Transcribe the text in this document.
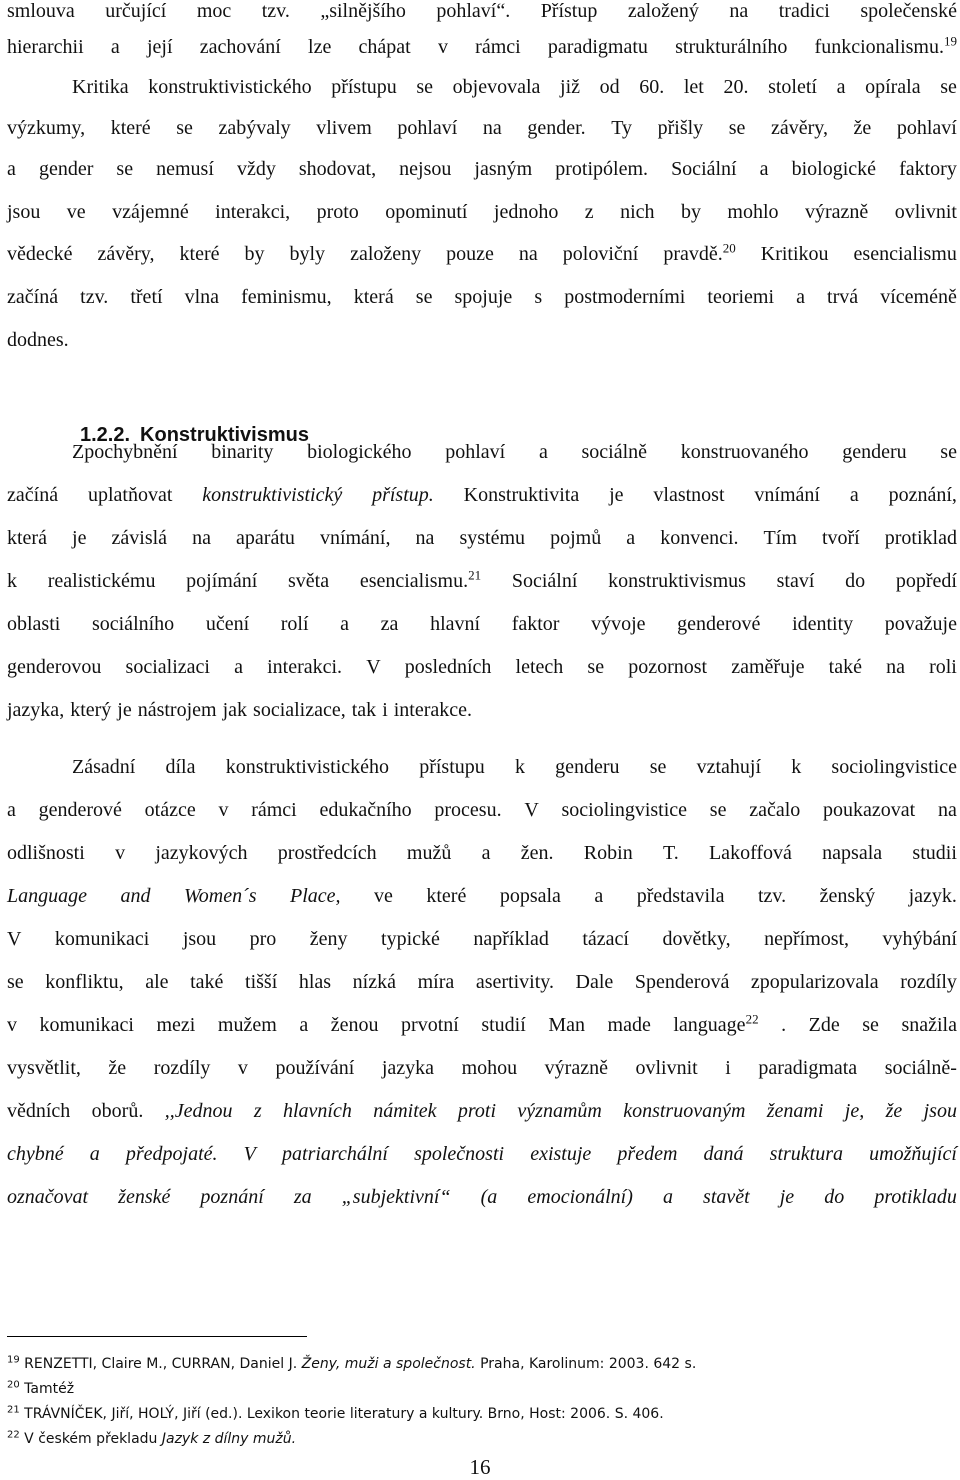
smlouva určující moc tzv. „silnějšího pohlaví“. Přístup založený na tradici společenské
hierarchii a její zachování lze chápat v rámci paradigmatu strukturálního funkcionalismu.$^{19}$
Kritika konstruktivistického přístupu se objevovala již od 60. let 20. století a opírala se
výzkumy, které se zabývaly vlivem pohlaví na gender. Ty přišly se závěry, že pohlaví
a gender se nemusí vždy shodovat, nejsou jasným protipólem. Sociální a biologické faktory
jsou ve vzájemné interakci, proto opominutí jednoho z nich by mohlo výrazně ovlivnit
vědecké závěry, které by byly založeny pouze na poloviční pravdě.$^{20}$ Kritikou esencialismu
začíná tzv. třetí vlna feminismu, která se spojuje s postmoderními teoriemi a trvá víceméně
dodnes.
Zpochybnění binarity biologického pohlaví a sociálně konstruovaného genderu se
začíná uplatňovat konstruktivistický přístup. Konstruktivita je vlastnost vnímání a poznání,
která je závislá na aparátu vnímání, na systému pojmů a konvenci. Tím tvoří protiklad
k realistickému pojímání světa esencialismu.$^{21}$ Sociální konstruktivismus staví do popředí
oblasti sociálního učení rolí a za hlavní faktor vývoje genderové identity považuje
genderovou socializaci a interakci. V posledních letech se pozornost zaměřuje také na roli
jazyka, který je nástrojem jak socializace, tak i interakce.
Zásadní díla konstruktivistického přístupu k genderu se vztahují k sociolingvistice
a genderové otázce v rámci edukačního procesu. V sociolingvistice se začalo poukazovat na
odlišnosti v jazykových prostředcích mužů a žen. Robin T. Lakoffová napsala studii
Language and Women´s Place, ve které popsala a představila tzv. ženský jazyk.
V komunikaci jsou pro ženy typické například tázací dovětky, nepřímost, vyhýbání
se konfliktu, ale také tišší hlas nízká míra asertivity. Dale Spenderová zpopularizovala rozdíly
v komunikaci mezi mužem a ženou prvotní studií Man made language$^{22}$ . Zde se snažila
vysvětlit, že rozdíly v používání jazyka mohou výrazně ovlivnit i paradigmata sociálně-
vědních oborů. ,,Jednou z hlavních námitek proti významům konstruovaným ženami je, že jsou
chybné a předpojaté. V patriarchální společnosti existuje předem daná struktura umožňující
označovat ženské poznání za „subjektivní“ (a emocionální) a stavět je do protikladu
1.2.2. Konstruktivismus
$^{19}$ RENZETTI, Claire M., CURRAN, Daniel J. Ženy, muži a společnost. Praha, Karolinum: 2003. 642 s.
$^{20}$ Tamtéž
$^{21}$ TRÁVNÍČEK, Jiří, HOLÝ, Jiří (ed.). Lexikon teorie literatury a kultury. Brno, Host: 2006. S. 406.
$^{22}$ V českém překladu Jazyk z dílny mužů.
16
